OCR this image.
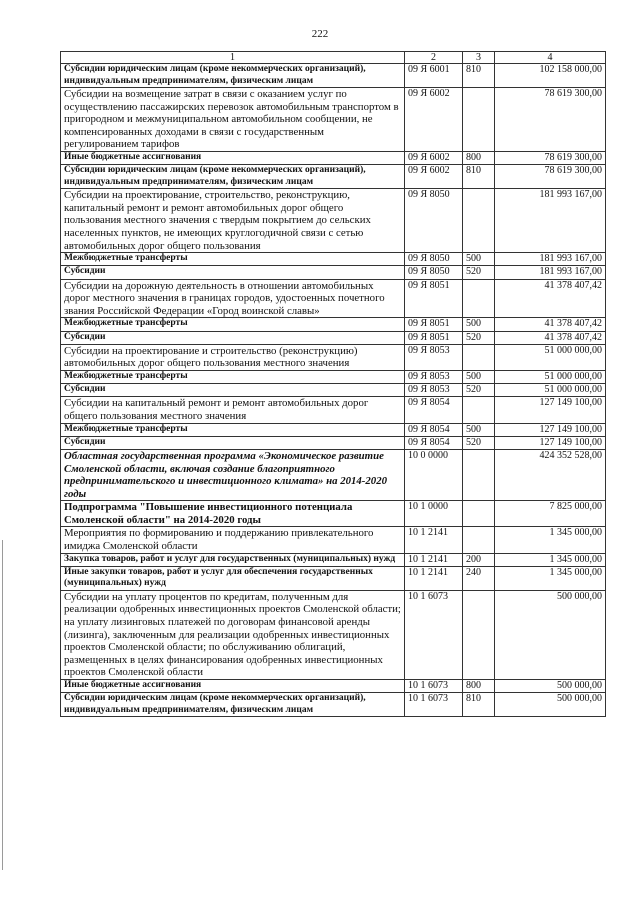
222
1	2	3	4
Субсидии юридическим лицам (кроме некоммерческих организаций), индивидуальным предпринимателям, физическим лицам	09 Я 6001	810	102 158 000,00
Субсидии на возмещение затрат в связи с оказанием услуг по осуществлению пассажирских перевозок автомобильным транспортом в пригородном и межмуниципальном автомобильном сообщении, не компенсированных доходами в связи с государственным регулированием тарифов	09 Я 6002		78 619 300,00
Иные бюджетные ассигнования	09 Я 6002	800	78 619 300,00
Субсидии юридическим лицам (кроме некоммерческих организаций), индивидуальным предпринимателям, физическим лицам	09 Я 6002	810	78 619 300,00
Субсидии на проектирование, строительство, реконструкцию, капитальный ремонт и ремонт автомобильных дорог общего пользования местного значения с твердым покрытием до сельских населенных пунктов, не имеющих круглогодичной связи с сетью автомобильных дорог общего пользования	09 Я 8050		181 993 167,00
Межбюджетные трансферты	09 Я 8050	500	181 993 167,00
Субсидии	09 Я 8050	520	181 993 167,00
Субсидии на дорожную деятельность в отношении автомобильных дорог местного значения в границах городов, удостоенных почетного звания Российской Федерации «Город воинской славы»	09 Я 8051		41 378 407,42
Межбюджетные трансферты	09 Я 8051	500	41 378 407,42
Субсидии	09 Я 8051	520	41 378 407,42
Субсидии на проектирование и строительство (реконструкцию) автомобильных дорог общего пользования местного значения	09 Я 8053		51 000 000,00
Межбюджетные трансферты	09 Я 8053	500	51 000 000,00
Субсидии	09 Я 8053	520	51 000 000,00
Субсидии на капитальный ремонт и ремонт автомобильных дорог общего пользования местного значения	09 Я 8054		127 149 100,00
Межбюджетные трансферты	09 Я 8054	500	127 149 100,00
Субсидии	09 Я 8054	520	127 149 100,00
Областная государственная программа «Экономическое развитие Смоленской области, включая создание благоприятного предпринимательского и инвестиционного климата» на 2014-2020 годы	10 0 0000		424 352 528,00
Подпрограмма "Повышение инвестиционного потенциала Смоленской области" на 2014-2020 годы	10 1 0000		7 825 000,00
Мероприятия по формированию и поддержанию привлекательного имиджа Смоленской области	10 1 2141		1 345 000,00
Закупка товаров, работ и услуг для государственных (муниципальных) нужд	10 1 2141	200	1 345 000,00
Иные закупки товаров, работ и услуг для обеспечения государственных (муниципальных) нужд	10 1 2141	240	1 345 000,00
Субсидии на уплату процентов по кредитам, полученным для реализации одобренных инвестиционных проектов Смоленской области; на уплату лизинговых платежей по договорам финансовой аренды (лизинга), заключенным для реализации одобренных инвестиционных проектов Смоленской области; по обслуживанию облигаций, размещенных в целях финансирования одобренных инвестиционных проектов Смоленской области	10 1 6073		500 000,00
Иные бюджетные ассигнования	10 1 6073	800	500 000,00
Субсидии юридическим лицам (кроме некоммерческих организаций), индивидуальным предпринимателям, физическим лицам	10 1 6073	810	500 000,00
